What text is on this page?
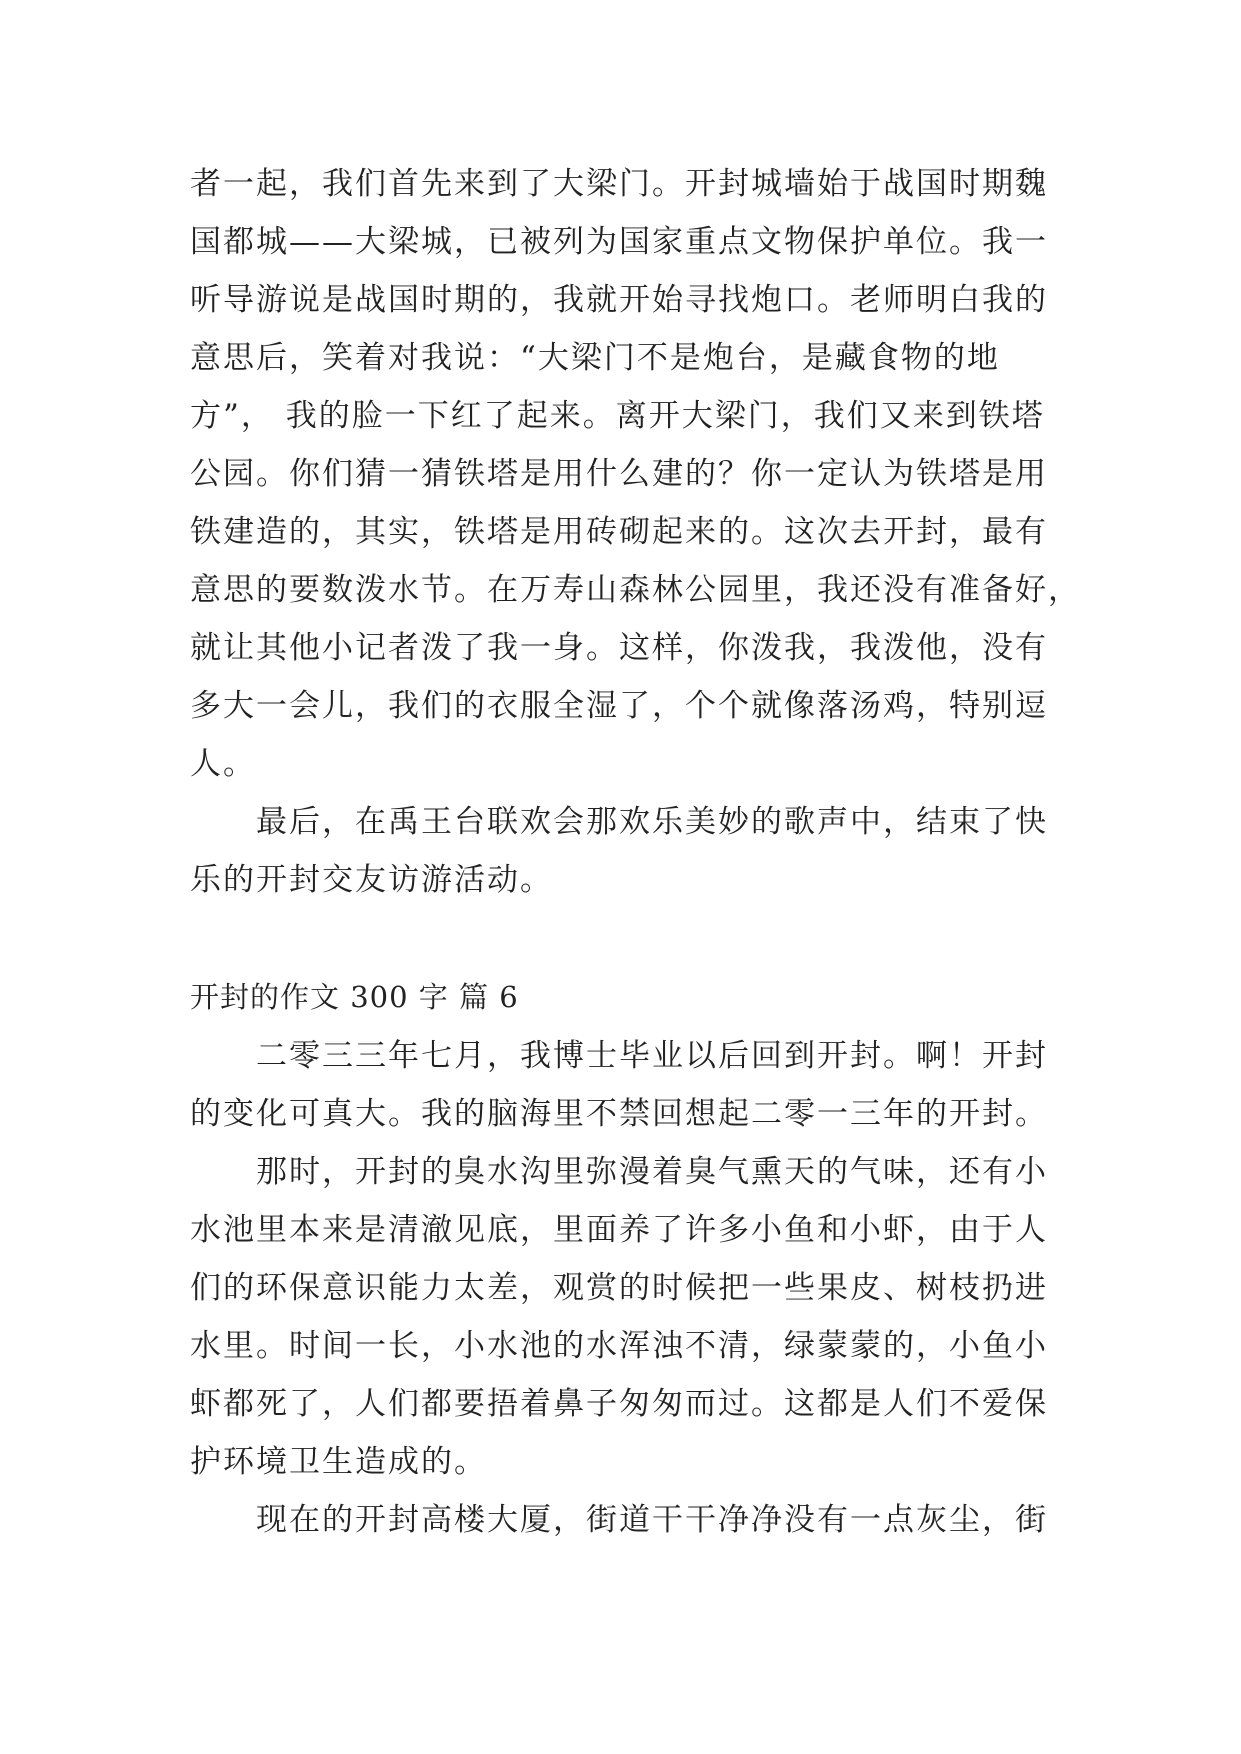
者一起，我们首先来到了大梁门。开封城墙始于战国时期魏
国都城——大梁城，已被列为国家重点文物保护单位。我一
听导游说是战国时期的，我就开始寻找炮口。老师明白我的
意思后，笑着对我说：“大梁门不是炮台，是藏食物的地
方”， 我的脸一下红了起来。离开大梁门，我们又来到铁塔
公园。你们猜一猜铁塔是用什么建的？你一定认为铁塔是用
铁建造的，其实，铁塔是用砖砌起来的。这次去开封，最有
意思的要数泼水节。在万寿山森林公园里，我还没有准备好，
就让其他小记者泼了我一身。这样，你泼我，我泼他，没有
多大一会儿，我们的衣服全湿了，个个就像落汤鸡，特别逗
人。
最后，在禹王台联欢会那欢乐美妙的歌声中，结束了快
乐的开封交友访游活动。
开封的作文 300 字 篇 6
二零三三年七月，我博士毕业以后回到开封。啊！开封
的变化可真大。我的脑海里不禁回想起二零一三年的开封。
那时，开封的臭水沟里弥漫着臭气熏天的气味，还有小
水池里本来是清澈见底，里面养了许多小鱼和小虾，由于人
们的环保意识能力太差，观赏的时候把一些果皮、树枝扔进
水里。时间一长，小水池的水浑浊不清，绿蒙蒙的，小鱼小
虾都死了，人们都要捂着鼻子匆匆而过。这都是人们不爱保
护环境卫生造成的。
现在的开封高楼大厦，街道干干净净没有一点灰尘，街
